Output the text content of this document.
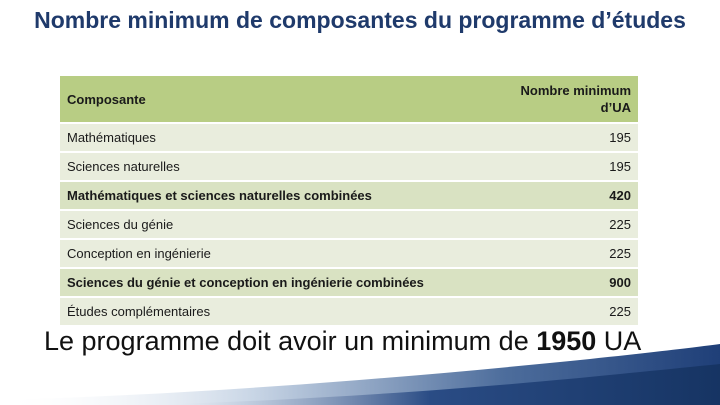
Nombre minimum de composantes du programme d’études
Composante	Nombre minimum d’UA
Mathématiques	195
Sciences naturelles	195
Mathématiques et sciences naturelles combinées	420
Sciences du génie	225
Conception en ingénierie	225
Sciences du génie et conception en ingénierie combinées	900
Études complémentaires	225
Le programme doit avoir un minimum de 1950 UA
